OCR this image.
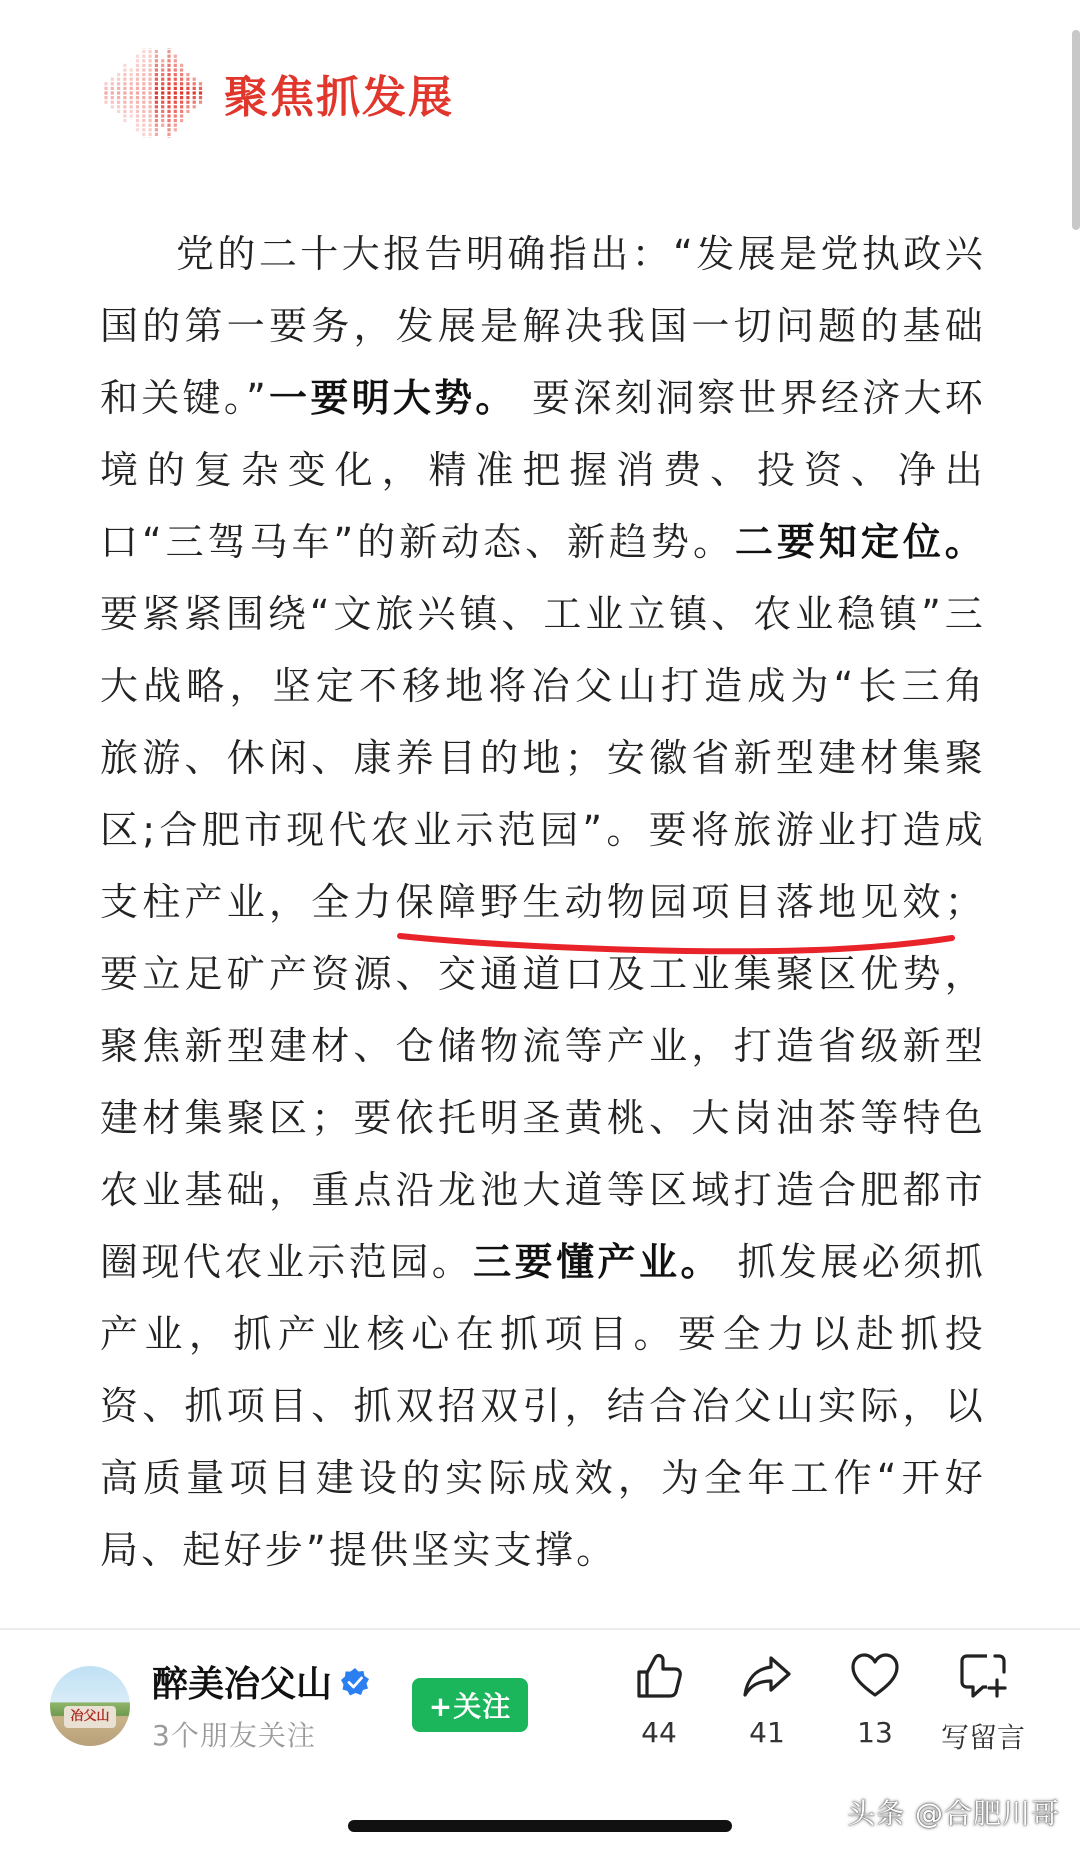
聚焦抓发展
党的二十大报告明确指出：“发展是党执政兴国的第一要务，发展是解决我国一切问题的基础和关键。”一要明大势。 要深刻洞察世界经济大环境的复杂变化，精准把握消费、投资、净出口“三驾马车”的新动态、新趋势。二要知定位。 要紧紧围绕“文旅兴镇、工业立镇、农业稳镇”三大战略，坚定不移地将冶父山打造成为“长三角旅游、休闲、康养目的地；安徽省新型建材集聚区;合肥市现代农业示范园”。要将旅游业打造成支柱产业，全力保障野生动物园项目落地见效；要立足矿产资源、交通道口及工业集聚区优势，聚焦新型建材、仓储物流等产业，打造省级新型建材集聚区；要依托明圣黄桃、大岗油茶等特色农业基础，重点沿龙池大道等区域打造合肥都市圈现代农业示范园。三要懂产业。 抓发展必须抓产业，抓产业核心在抓项目。要全力以赴抓投资、抓项目、抓双招双引，结合冶父山实际，以高质量项目建设的实际成效，为全年工作“开好局、起好步”提供坚实支撑。
冶父山
醉美冶父山
3个朋友关注
+关注
44	41	13	写留言
头条 @合肥川哥
